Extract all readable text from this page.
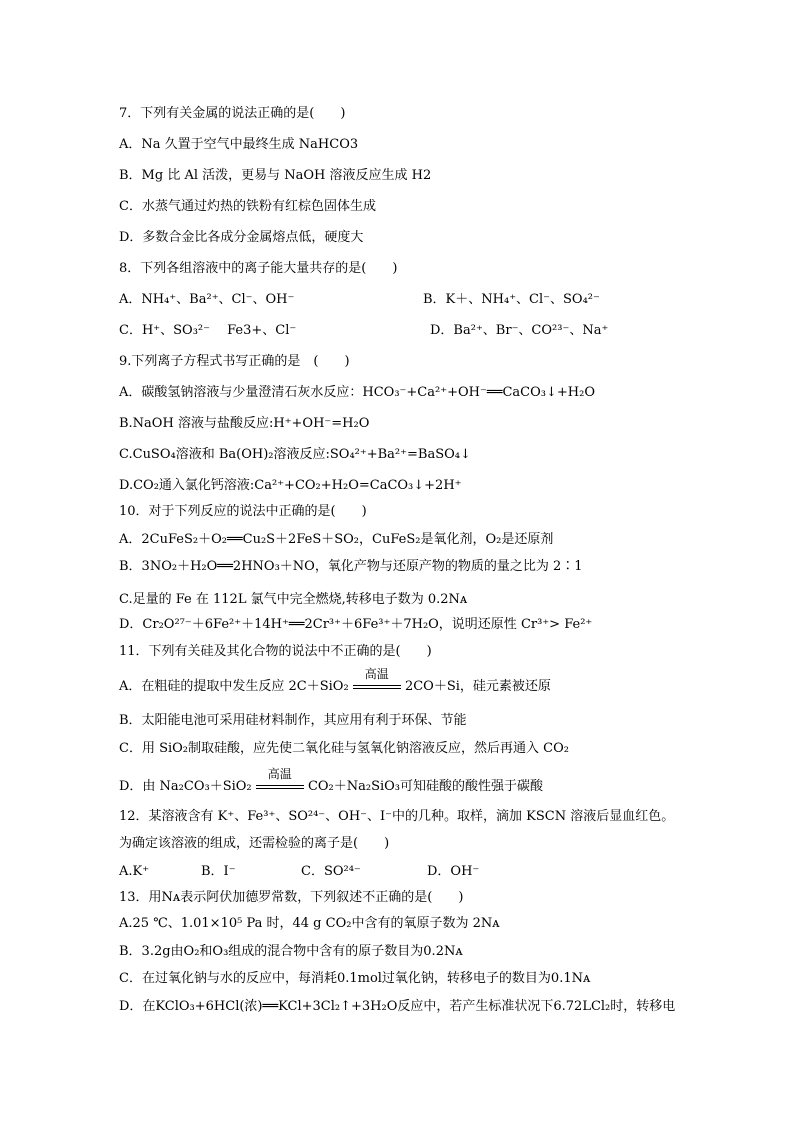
7．下列有关金属的说法正确的是(　　)
A．Na 久置于空气中最终生成 NaHCO3
B．Mg 比 Al 活泼，更易与 NaOH 溶液反应生成 H2
C．水蒸气通过灼热的铁粉有红棕色固体生成
D．多数合金比各成分金属熔点低，硬度大
8．下列各组溶液中的离子能大量共存的是(　　)
A．NH₄⁺、Ba²⁺、Cl⁻、OH⁻	B．K＋、NH₄⁺、Cl⁻、SO₄²⁻
C．H⁺、SO₃²⁻　 Fe3+、Cl⁻	D．Ba²⁺、Br⁻、CO²³⁻、Na⁺
9.下列离子方程式书写正确的是　(　　)
A．碳酸氢钠溶液与少量澄清石灰水反应：HCO₃⁻+Ca²⁺+OH⁻══CaCO₃↓+H₂O
B.NaOH 溶液与盐酸反应:H⁺+OH⁻=H₂O
C.CuSO₄溶液和 Ba(OH)₂溶液反应:SO₄²⁺+Ba²⁺=BaSO₄↓
D.CO₂通入氯化钙溶液:Ca²⁺+CO₂+H₂O=CaCO₃↓+2H⁺
10．对于下列反应的说法中正确的是(　　)
A．2CuFeS₂＋O₂══Cu₂S＋2FeS＋SO₂，CuFeS₂是氧化剂，O₂是还原剂
B．3NO₂＋H₂O══2HNO₃＋NO，氧化产物与还原产物的物质的量之比为 2∶1
C.足量的 Fe 在 112L 氯气中完全燃烧,转移电子数为 0.2Nᴀ
D．Cr₂O²⁷⁻＋6Fe²⁺＋14H⁺══2Cr³⁺＋6Fe³⁺＋7H₂O，说明还原性 Cr³⁺> Fe²⁺
11．下列有关硅及其化合物的说法中不正确的是(　　)
A．在粗硅的提取中发生反应 2C＋SiO₂
高温
2CO＋Si，硅元素被还原
B．太阳能电池可采用硅材料制作，其应用有利于环保、节能
C．用 SiO₂制取硅酸，应先使二氧化硅与氢氧化钠溶液反应，然后再通入 CO₂
D．由 Na₂CO₃＋SiO₂
高温
CO₂＋Na₂SiO₃可知硅酸的酸性强于碳酸
12．某溶液含有 K⁺、Fe³⁺、SO²⁴⁻、OH⁻、I⁻中的几种。取样，滴加 KSCN 溶液后显血红色。
为确定该溶液的组成，还需检验的离子是(　　)
A.K⁺	B．I⁻	C．SO²⁴⁻	D．OH⁻
13．用Nᴀ表示阿伏加德罗常数，下列叙述不正确的是(　　)
A.25 ℃、1.01×10⁵ Pa 时，44 g CO₂中含有的氧原子数为 2Nᴀ
B．3.2g由O₂和O₃组成的混合物中含有的原子数目为0.2Nᴀ
C．在过氧化钠与水的反应中，每消耗0.1mol过氧化钠，转移电子的数目为0.1Nᴀ
D．在KClO₃+6HCl(浓)══KCl+3Cl₂↑+3H₂O反应中，若产生标准状况下6.72LCl₂时，转移电
